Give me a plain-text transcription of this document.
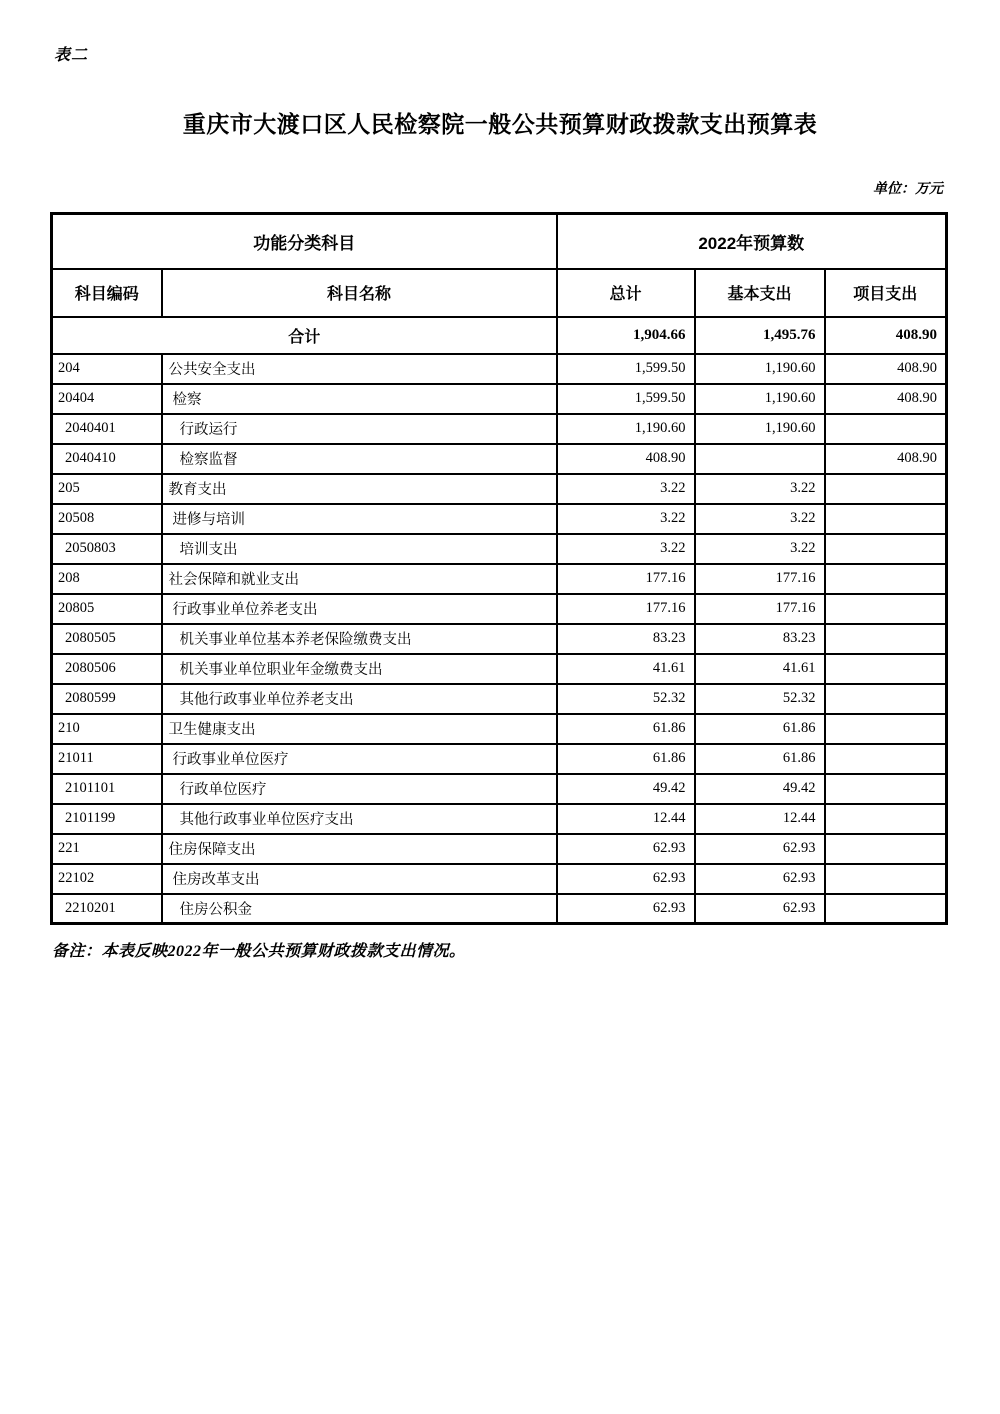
表二
重庆市大渡口区人民检察院一般公共预算财政拨款支出预算表
单位：万元
功能分类科目		2022年预算数		
科目编码	科目名称	总计	基本支出	项目支出
合计		1,904.66	1,495.76	408.90
204	公共安全支出	1,599.50	1,190.60	408.90
20404	检察	1,599.50	1,190.60	408.90
2040401	行政运行	1,190.60	1,190.60	
2040410	检察监督	408.90		408.90
205	教育支出	3.22	3.22	
20508	进修与培训	3.22	3.22	
2050803	培训支出	3.22	3.22	
208	社会保障和就业支出	177.16	177.16	
20805	行政事业单位养老支出	177.16	177.16	
2080505	机关事业单位基本养老保险缴费支出	83.23	83.23	
2080506	机关事业单位职业年金缴费支出	41.61	41.61	
2080599	其他行政事业单位养老支出	52.32	52.32	
210	卫生健康支出	61.86	61.86	
21011	行政事业单位医疗	61.86	61.86	
2101101	行政单位医疗	49.42	49.42	
2101199	其他行政事业单位医疗支出	12.44	12.44	
221	住房保障支出	62.93	62.93	
22102	住房改革支出	62.93	62.93	
2210201	住房公积金	62.93	62.93	
备注：本表反映2022年一般公共预算财政拨款支出情况。
